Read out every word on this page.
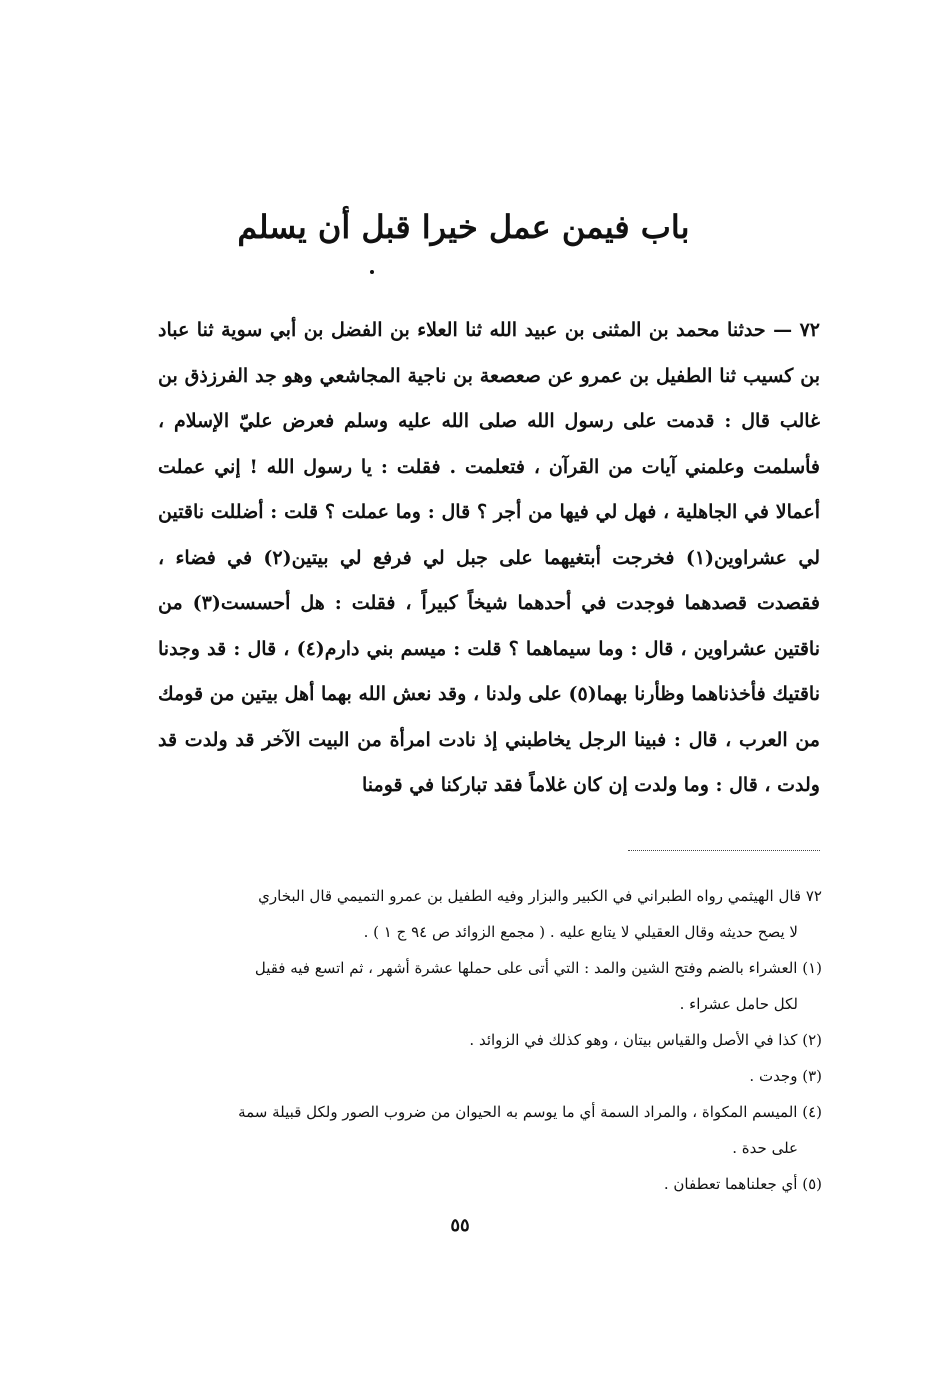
باب فيمن عمل خيرا قبل أن يسلم
٧٢ — حدثنا محمد بن المثنى بن عبيد الله ثنا العلاء بن الفضل بن أبي سوية ثنا عباد بن كسيب ثنا الطفيل بن عمرو عن صعصعة بن ناجية المجاشعي وهو جد الفرزذق بن غالب قال : قدمت على رسول الله صلى الله عليه وسلم فعرض عليّ الإسلام ، فأسلمت وعلمني آيات من القرآن ، فتعلمت . فقلت : يا رسول الله ! إني عملت أعمالا في الجاهلية ، فهل لي فيها من أجر ؟ قال : وما عملت ؟ قلت : أضللت ناقتين لي عشراوين(١) فخرجت أبتغيهما على جبل لي فرفع لي بيتين(٢) في فضاء ، فقصدت قصدهما فوجدت في أحدهما شيخاً كبيراً ، فقلت : هل أحسست(٣) من ناقتين عشراوين ، قال : وما سيماهما ؟ قلت : ميسم بني دارم(٤) ، قال : قد وجدنا ناقتيك فأخذناهما وظأرنا بهما(٥) على ولدنا ، وقد نعش الله بهما أهل بيتين من قومك من العرب ، قال : فبينا الرجل يخاطبني إذ نادت امرأة من البيت الآخر قد ولدت قد ولدت ، قال : وما ولدت إن كان غلاماً فقد تباركنا في قومنا
٧٢ قال الهيثمي رواه الطبراني في الكبير والبزار وفيه الطفيل بن عمرو التميمي قال البخاري
لا يصح حديثه وقال العقيلي لا يتابع عليه . ( مجمع الزوائد ص ٩٤ ج ١ ) .
(١) العشراء بالضم وفتح الشين والمد : التي أتى على حملها عشرة أشهر ، ثم اتسع فيه فقيل
لكل حامل عشراء .
(٢) كذا في الأصل والقياس بيتان ، وهو كذلك في الزوائد .
(٣) وجدت .
(٤) الميسم المكواة ، والمراد السمة أي ما يوسم به الحيوان من ضروب الصور ولكل قبيلة سمة
على حدة .
(٥) أي جعلناهما تعطفان .
٥٥
